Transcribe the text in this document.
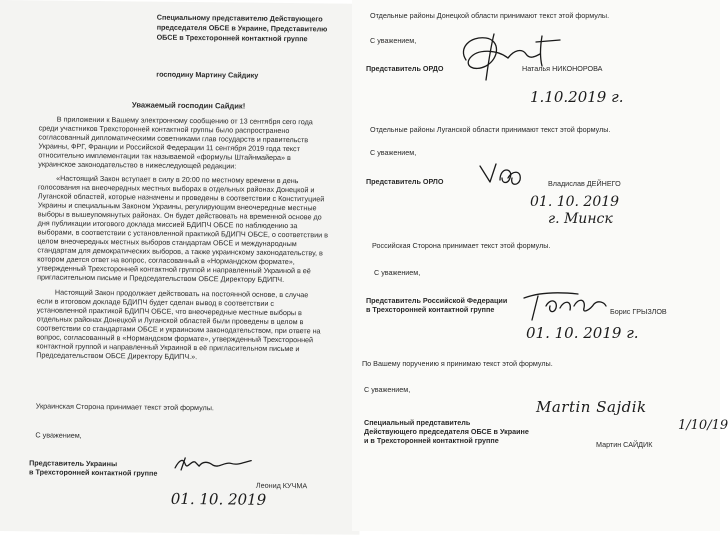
Специальному представителю Действующего
председателя ОБСЕ в Украине, Представителю
ОБСЕ в Трехсторонней контактной группе
господину Мартину Сайдику
Уважаемый господин Сайдик!
В приложении к Вашему электронному сообщению от 13 сентября сего года
среди участников Трехсторонней контактной группы было распространено
согласованный дипломатическими советниками глав государств и правительств
Украины, ФРГ, Франции и Российской Федерации 11 сентября 2019 года текст
относительно имплементации так называемой «формулы Штайнмайера» в
украинское законодательство в нижеследующей редакции:
«Настоящий Закон вступает в силу в 20:00 по местному времени в день
голосования на внеочередных местных выборах в отдельных районах Донецкой и
Луганской областей, которые назначены и проведены в соответствии с Конституцией
Украины и специальным Законом Украины, регулирующим внеочередные местные
выборы в вышеупомянутых районах. Он будет действовать на временной основе до
дня публикации итогового доклада миссией БДИПЧ ОБСЕ по наблюдению за
выборами, в соответствии с установленной практикой БДИПЧ ОБСЕ, о соответствии в
целом внеочередных местных выборов стандартам ОБСЕ и международным
стандартам для демократических выборов, а также украинскому законодательству, в
котором дается ответ на вопрос, согласованный в «Нормандском формате»,
утвержденный Трехсторонней контактной группой и направленный Украиной в её
пригласительном письме и Председательством ОБСЕ Директору БДИПЧ.
Настоящий Закон продолжает действовать на постоянной основе, в случае
если в итоговом докладе БДИПЧ будет сделан вывод в соответствии с
установленной практикой БДИПЧ ОБСЕ, что внеочередные местные выборы в
отдельных районах Донецкой и Луганской областей были проведены в целом в
соответствии со стандартами ОБСЕ и украинским законодательством, при ответе на
вопрос, согласованный в «Нормандском формате», утвержденный Трехсторонней
контактной группой и направленный Украиной в её пригласительном письме и
Председательством ОБСЕ Директору БДИПЧ.».
Украинская Сторона принимает текст этой формулы.
С уважением,
Представитель Украины
в Трехсторонней контактной группе
Леонид КУЧМА
01. 10. 2019
Отдельные районы Донецкой области принимают текст этой формулы.
С уважением,
Представитель ОРДО	Наталья НИКОНОРОВА
1.10.2019 г.
Отдельные районы Луганской области принимают текст этой формулы.
С уважением,
Представитель ОРЛО	Владислав ДЕЙНЕГО
01. 10. 2019
г. Минск
Российская Сторона принимает текст этой формулы.
С уважением,
Представитель Российской Федерации
в Трехсторонней контактной группе	Борис ГРЫЗЛОВ
01. 10. 2019 г.
По Вашему поручению я принимаю текст этой формулы.
С уважением,
Специальный представитель
Действующего председателя ОБСЕ в Украине
и в Трехсторонней контактной группе	Мартин САЙДИК
Martin Sajdik
1/10/19
